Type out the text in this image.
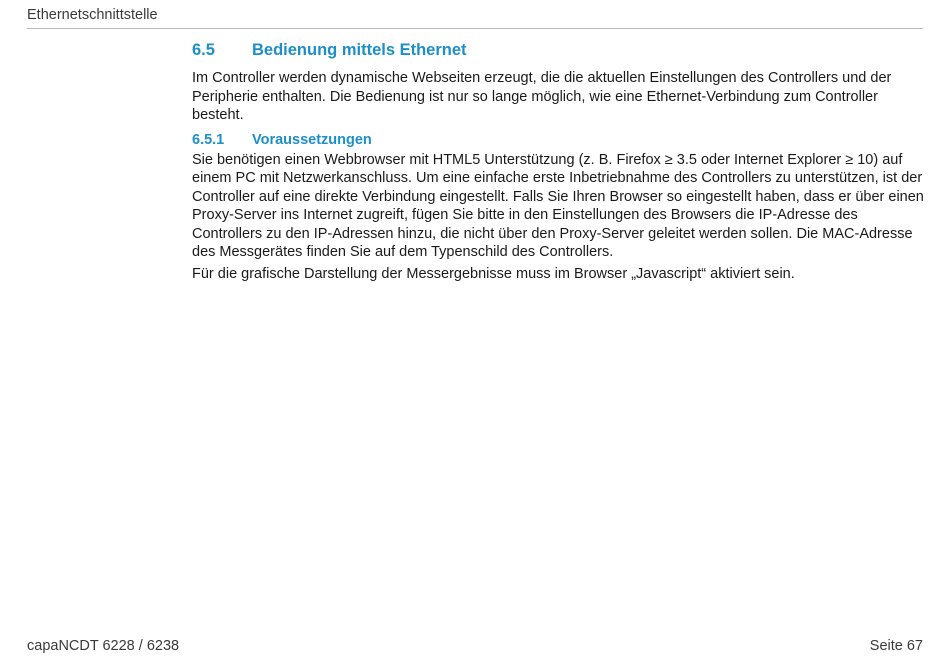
Ethernetschnittstelle
6.5	Bedienung mittels Ethernet

Im Controller werden dynamische Webseiten erzeugt, die die aktuellen Einstellungen des Controllers und der Peripherie enthalten. Die Bedienung ist nur so lange möglich, wie eine Ethernet-Verbindung zum Controller besteht.

6.5.1	Voraussetzungen

Sie benötigen einen Webbrowser mit HTML5 Unterstützung (z. B. Firefox ≥ 3.5 oder Internet Explorer ≥ 10) auf einem PC mit Netzwerkanschluss. Um eine einfache erste Inbetriebnahme des Controllers zu unterstützen, ist der Controller auf eine direkte Verbindung eingestellt. Falls Sie Ihren Browser so eingestellt haben, dass er über einen Proxy-Server ins Internet zugreift, fügen Sie bitte in den Einstellungen des Browsers die IP-Adresse des Controllers zu den IP-Adressen hinzu, die nicht über den Proxy-Server geleitet werden sollen. Die MAC-Adresse des Messgerätes finden Sie auf dem Typenschild des Controllers.

Für die grafische Darstellung der Messergebnisse muss im Browser „Javascript“ aktiviert sein.

capaNCDT 6228 / 6238	Seite 67
